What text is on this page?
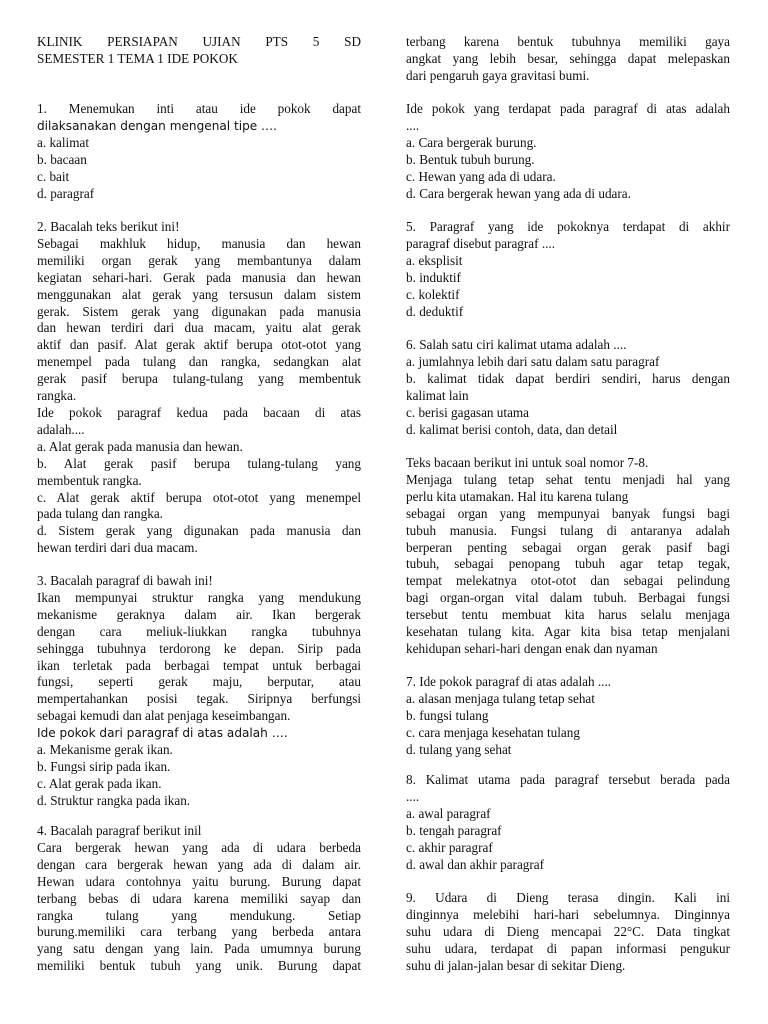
KLINIK PERSIAPAN UJIAN PTS 5 SD
SEMESTER 1 TEMA 1 IDE POKOK
1. Menemukan inti atau ide pokok dapat
dilaksanakan dengan mengenal tipe ….
a. kalimat
b. bacaan
c. bait
d. paragraf
2. Bacalah teks berikut ini!
Sebagai makhluk hidup, manusia dan hewan
memiliki organ gerak yang membantunya dalam
kegiatan sehari-hari. Gerak pada manusia dan hewan
menggunakan alat gerak yang tersusun dalam sistem
gerak. Sistem gerak yang digunakan pada manusia
dan hewan terdiri dari dua macam, yaitu alat gerak
aktif dan pasif. Alat gerak aktif berupa otot-otot yang
menempel pada tulang dan rangka, sedangkan alat
gerak pasif berupa tulang-tulang yang membentuk
rangka.
Ide pokok paragraf kedua pada bacaan di atas
adalah....
a. Alat gerak pada manusia dan hewan.
b. Alat gerak pasif berupa tulang-tulang yang
membentuk rangka.
c. Alat gerak aktif berupa otot-otot yang menempel
pada tulang dan rangka.
d. Sistem gerak yang digunakan pada manusia dan
hewan terdiri dari dua macam.
3. Bacalah paragraf di bawah ini!
Ikan mempunyai struktur rangka yang mendukung
mekanisme geraknya dalam air. Ikan bergerak
dengan cara meliuk-liukkan rangka tubuhnya
sehingga tubuhnya terdorong ke depan. Sirip pada
ikan terletak pada berbagai tempat untuk berbagai
fungsi, seperti gerak maju, berputar, atau
mempertahankan posisi tegak. Siripnya berfungsi
sebagai kemudi dan alat penjaga keseimbangan.
Ide pokok dari paragraf di atas adalah ….
a. Mekanisme gerak ikan.
b. Fungsi sirip pada ikan.
c. Alat gerak pada ikan.
d. Struktur rangka pada ikan.
4. Bacalah paragraf berikut inil
Cara bergerak hewan yang ada di udara berbeda
dengan cara bergerak hewan yang ada di dalam air.
Hewan udara contohnya yaitu burung. Burung dapat
terbang bebas di udara karena memiliki sayap dan
rangka tulang yang mendukung. Setiap
burung.memiliki cara terbang yang berbeda antara
yang satu dengan yang lain. Pada umumnya burung
memiliki bentuk tubuh yang unik. Burung dapat
terbang karena bentuk tubuhnya memiliki gaya
angkat yang lebih besar, sehingga dapat melepaskan
dari pengaruh gaya gravitasi bumi.
Ide pokok yang terdapat pada paragraf di atas adalah
....
a. Cara bergerak burung.
b. Bentuk tubuh burung.
c. Hewan yang ada di udara.
d. Cara bergerak hewan yang ada di udara.
5. Paragraf yang ide pokoknya terdapat di akhir
paragraf disebut paragraf ....
a. eksplisit
b. induktif
c. kolektif
d. deduktif
6. Salah satu ciri kalimat utama adalah ....
a. jumlahnya lebih dari satu dalam satu paragraf
b. kalimat tidak dapat berdiri sendiri, harus dengan
kalimat lain
c. berisi gagasan utama
d. kalimat berisi contoh, data, dan detail
Teks bacaan berikut ini untuk soal nomor 7-8.
Menjaga tulang tetap sehat tentu menjadi hal yang
perlu kita utamakan. Hal itu karena tulang
sebagai organ yang mempunyai banyak fungsi bagi
tubuh manusia. Fungsi tulang di antaranya adalah
berperan penting sebagai organ gerak pasif bagi
tubuh, sebagai penopang tubuh agar tetap tegak,
tempat melekatnya otot-otot dan sebagai pelindung
bagi organ-organ vital dalam tubuh. Berbagai fungsi
tersebut tentu membuat kita harus selalu menjaga
kesehatan tulang kita. Agar kita bisa tetap menjalani
kehidupan sehari-hari dengan enak dan nyaman
7. Ide pokok paragraf di atas adalah ....
a. alasan menjaga tulang tetap sehat
b. fungsi tulang
c. cara menjaga kesehatan tulang
d. tulang yang sehat
8. Kalimat utama pada paragraf tersebut berada pada
....
a. awal paragraf
b. tengah paragraf
c. akhir paragraf
d. awal dan akhir paragraf
9. Udara di Dieng terasa dingin. Kali ini
dinginnya melebihi hari-hari sebelumnya. Dinginnya
suhu udara di Dieng mencapai 22°C. Data tingkat
suhu udara, terdapat di papan informasi pengukur
suhu di jalan-jalan besar di sekitar Dieng.
